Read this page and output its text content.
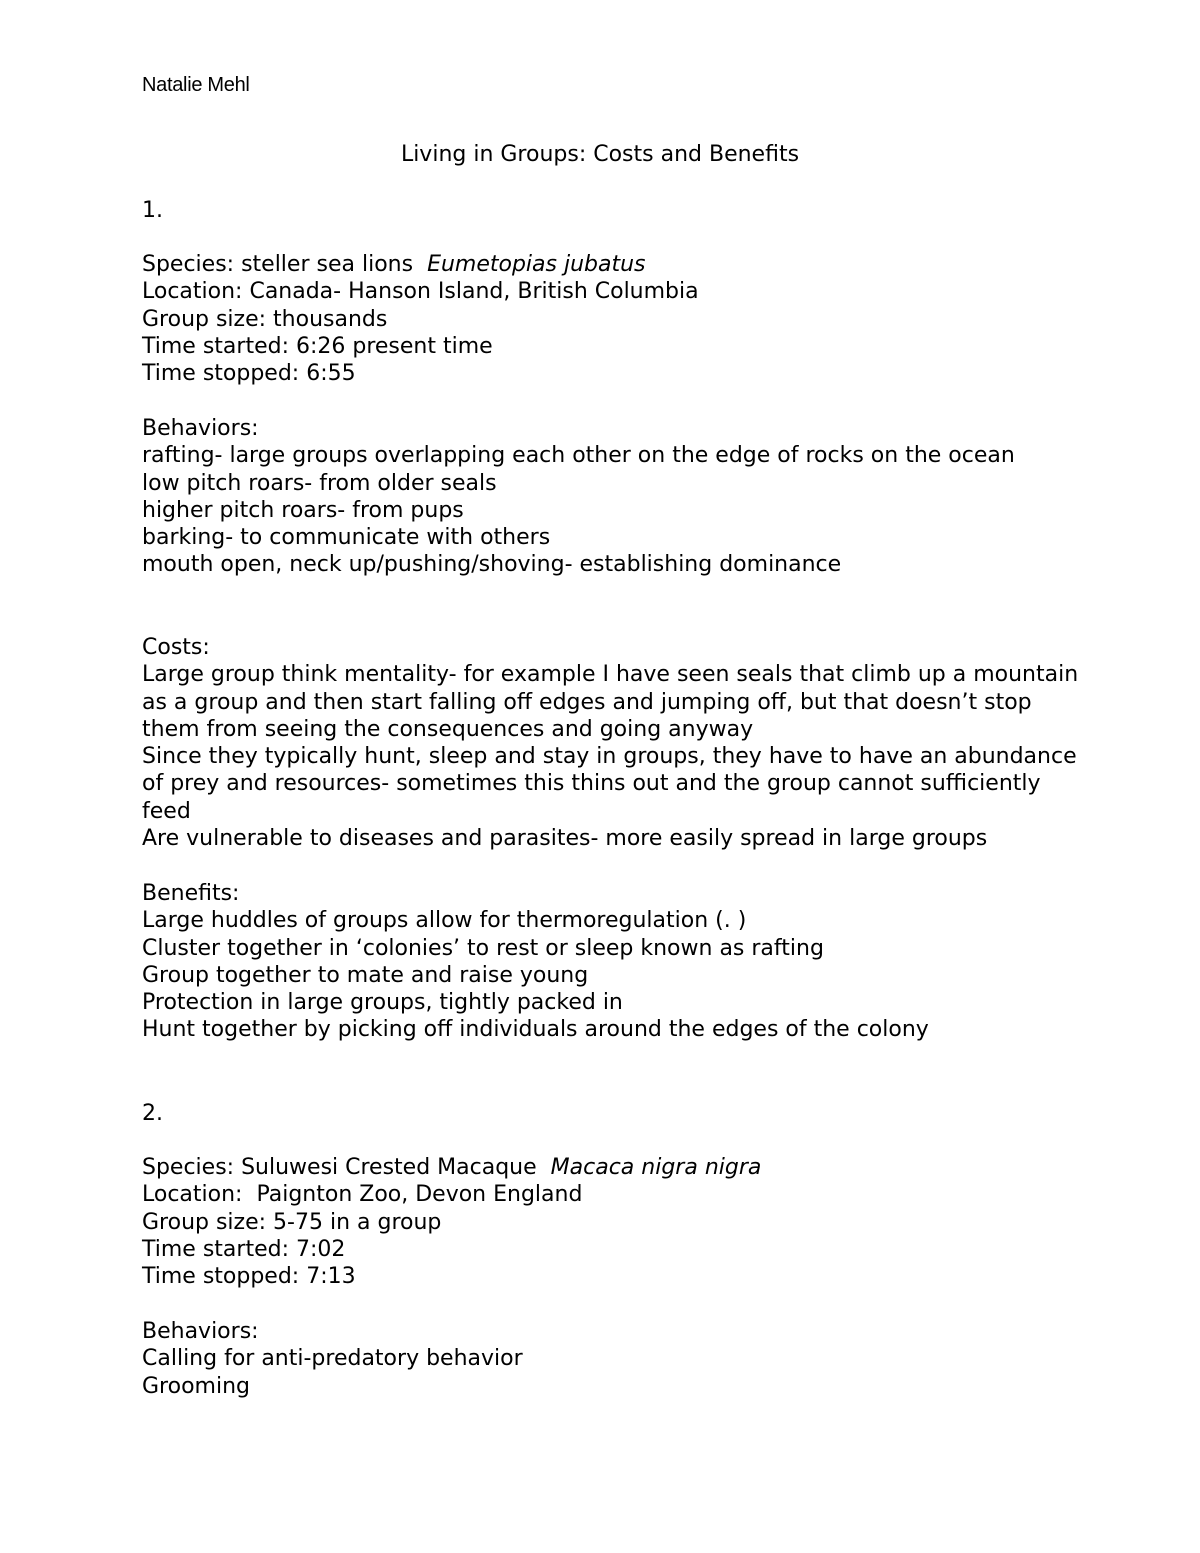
Natalie Mehl
Living in Groups: Costs and Benefits
1.
Species: steller sea lions Eumetopias jubatus
Location: Canada- Hanson Island, British Columbia
Group size: thousands
Time started: 6:26 present time
Time stopped: 6:55
Behaviors:
rafting- large groups overlapping each other on the edge of rocks on the ocean
low pitch roars- from older seals
higher pitch roars- from pups
barking- to communicate with others
mouth open, neck up/pushing/shoving- establishing dominance
Costs:
Large group think mentality- for example I have seen seals that climb up a mountain as a group and then start falling off edges and jumping off, but that doesn’t stop them from seeing the consequences and going anyway
Since they typically hunt, sleep and stay in groups, they have to have an abundance of prey and resources- sometimes this thins out and the group cannot sufficiently feed
Are vulnerable to diseases and parasites- more easily spread in large groups
Benefits:
Large huddles of groups allow for thermoregulation (. )
Cluster together in ‘colonies’ to rest or sleep known as rafting
Group together to mate and raise young
Protection in large groups, tightly packed in
Hunt together by picking off individuals around the edges of the colony
2.
Species: Suluwesi Crested Macaque Macaca nigra nigra
Location:  Paignton Zoo, Devon England
Group size: 5-75 in a group
Time started: 7:02
Time stopped: 7:13
Behaviors:
Calling for anti-predatory behavior
Grooming
